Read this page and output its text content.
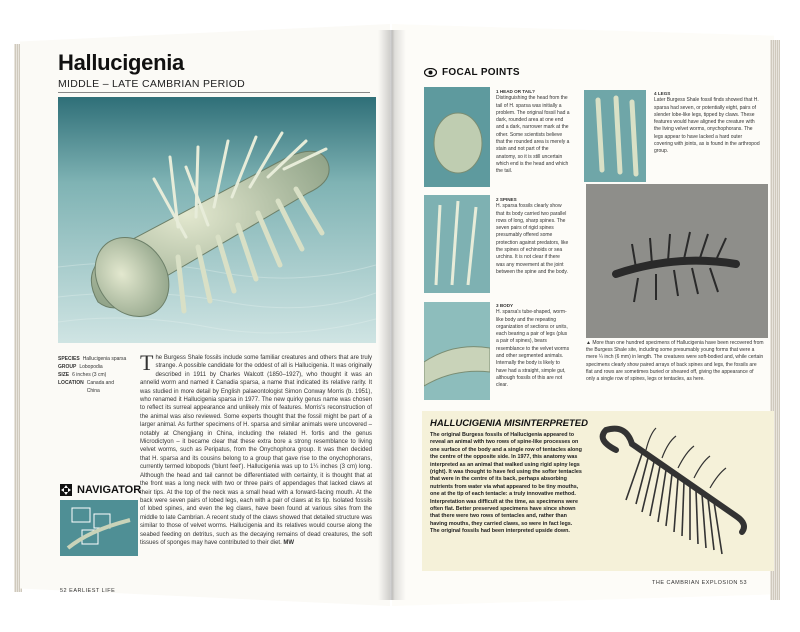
Hallucigenia
MIDDLE – LATE CAMBRIAN PERIOD
SPECIES Hallucigenia sparsa
GROUP Lobopodia
SIZE 6 inches (3 cm)
LOCATION Canada and China
The Burgess Shale fossils include some familiar creatures and others that are truly strange. A possible candidate for the oddest of all is Hallucigenia. It was originally described in 1911 by Charles Walcott (1850–1927), who thought it was an annelid worm and named it Canadia sparsa, a name that indicated its relative rarity. It was studied in more detail by English palaeontologist Simon Conway Morris (b. 1951), who renamed it Hallucigenia sparsa in 1977. The new quirky genus name was chosen to reflect its surreal appearance and unlikely mix of features. Morris's reconstruction of the animal was also reviewed. Some experts thought that the fossil might be part of a larger animal. As further specimens of H. sparsa and similar animals were uncovered – notably at Chengjiang in China, including the related H. fortis and the genus Microdictyon – it became clear that these extra bore a strong resemblance to living velvet worms, such as Peripatus, from the Onychophora group. It was then decided that H. sparsa and its cousins belong to a group that gave rise to the onychophorans, currently termed lobopods ('blunt feet'). Hallucigenia was up to 1¼ inches (3 cm) long. Although the head and tail cannot be differentiated with certainty, it is thought that at the front was a long neck with two or three pairs of appendages that lacked claws at their tips. At the top of the neck was a small head with a forward-facing mouth. At the back were seven pairs of lobed legs, each with a pair of claws at its tip. Isolated fossils of lobed spines, and even the leg claws, have been found at various sites from the middle to late Cambrian. A recent study of the claws showed that detailed structure was similar to those of velvet worms. Hallucigenia and its relatives would course along the seabed feeding on detritus, such as the decaying remains of dead creatures, the soft tissues of sponges may have contributed to their diet. MW
NAVIGATOR
52 EARLIEST LIFE
FOCAL POINTS
1 HEAD OR TAIL?
Distinguishing the head from the tail of H. sparsa was initially a problem. The original fossil had a dark, rounded area at one end and a dark, narrower mark at the other. Some scientists believe that the rounded area is merely a stain and not part of the anatomy, so it is still uncertain which end is the head and which the tail.
2 SPINES
H. sparsa fossils clearly show that its body carried two parallel rows of long, sharp spines. The seven pairs of rigid spines presumably offered some protection against predators, like the spines of echinoids or sea urchins. It is not clear if there was any movement at the joint between the spine and the body.
3 BODY
H. sparsa's tube-shaped, worm-like body and the repeating organization of sections or units, each bearing a pair of legs (plus a pair of spines), bears resemblance to the velvet worms and other segmented animals. Internally the body is likely to have had a straight, simple gut, although fossils of this are not clear.
4 LEGS
Later Burgess Shale fossil finds showed that H. sparsa had seven, or potentially eight, pairs of slender lobe-like legs, tipped by claws. These features would have aligned the creature with the living velvet worms, onychophorans. The legs appear to have lacked a hard outer covering with joints, as is found in the arthropod group.
▲ More than one hundred specimens of Hallucigenia have been recovered from the Burgess Shale site, including some presumably young forms that were a mere ¼ inch (6 mm) in length. The creatures were soft-bodied and, while certain specimens clearly show paired arrays of back spines and legs, the fossils are flat and rows are sometimes buried or sheared off, giving the appearance of only a single row of spines, legs or tentacles, as here.
HALLUCIGENIA MISINTERPRETED
The original Burgess fossils of Hallucigenia appeared to reveal an animal with two rows of spine-like processes on one surface of the body and a single row of tentacles along the centre of the opposite side. In 1977, this anatomy was interpreted as an animal that walked using rigid spiny legs (right). It was thought to have fed using the softer tentacles that were in the centre of its back, perhaps absorbing nutrients from water via what appeared to be tiny mouths, one at the tip of each tentacle: a truly innovative method. Interpretation was difficult at the time, as specimens were often flat. Better preserved specimens have since shown that there were two rows of tentacles and, rather than having mouths, they carried claws, so were in fact legs. The original fossils had been interpreted upside down.
THE CAMBRIAN EXPLOSION 53
